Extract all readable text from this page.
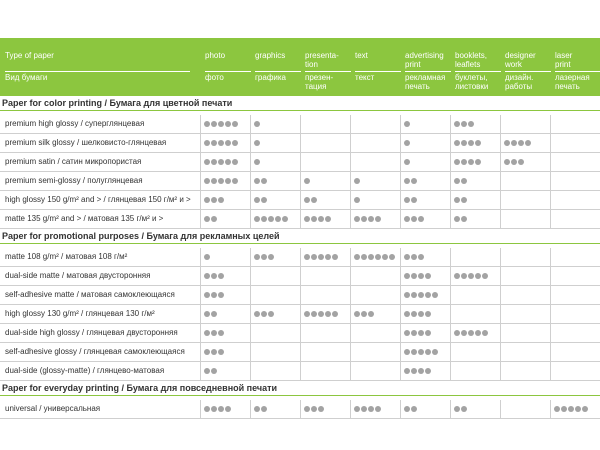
Type of paper
Вид бумаги
photo
фото
graphics
графика
presenta-
tion
презен-
тация
text
текст
advertising
print
рекламная
печать
booklets,
leaflets
буклеты,
листовки
designer
work
дизайн.
работы
laser
print
лазерная
печать
Paper for color printing / Бумага для цветной печати
premium high glossy / суперглянцевая
premium silk glossy / шелковисто-глянцевая
premium satin / сатин микропористая
premium semi-glossy / полуглянцевая
high glossy 150 g/m² and > / глянцевая 150 г/м² и >
matte 135 g/m² and > / матовая 135 г/м² и >
Paper for promotional purposes / Бумага для рекламных целей
matte 108 g/m² / матовая 108 г/м²
dual-side matte / матовая двусторонняя
self-adhesive matte / матовая самоклеющаяся
high glossy 130 g/m² / глянцевая 130 г/м²
dual-side high glossy / глянцевая двусторонняя
self-adhesive glossy / глянцевая самоклеющаяся
dual-side (glossy-matte) / глянцево-матовая
Paper for everyday printing / Бумага для повседневной печати
universal / универсальная
